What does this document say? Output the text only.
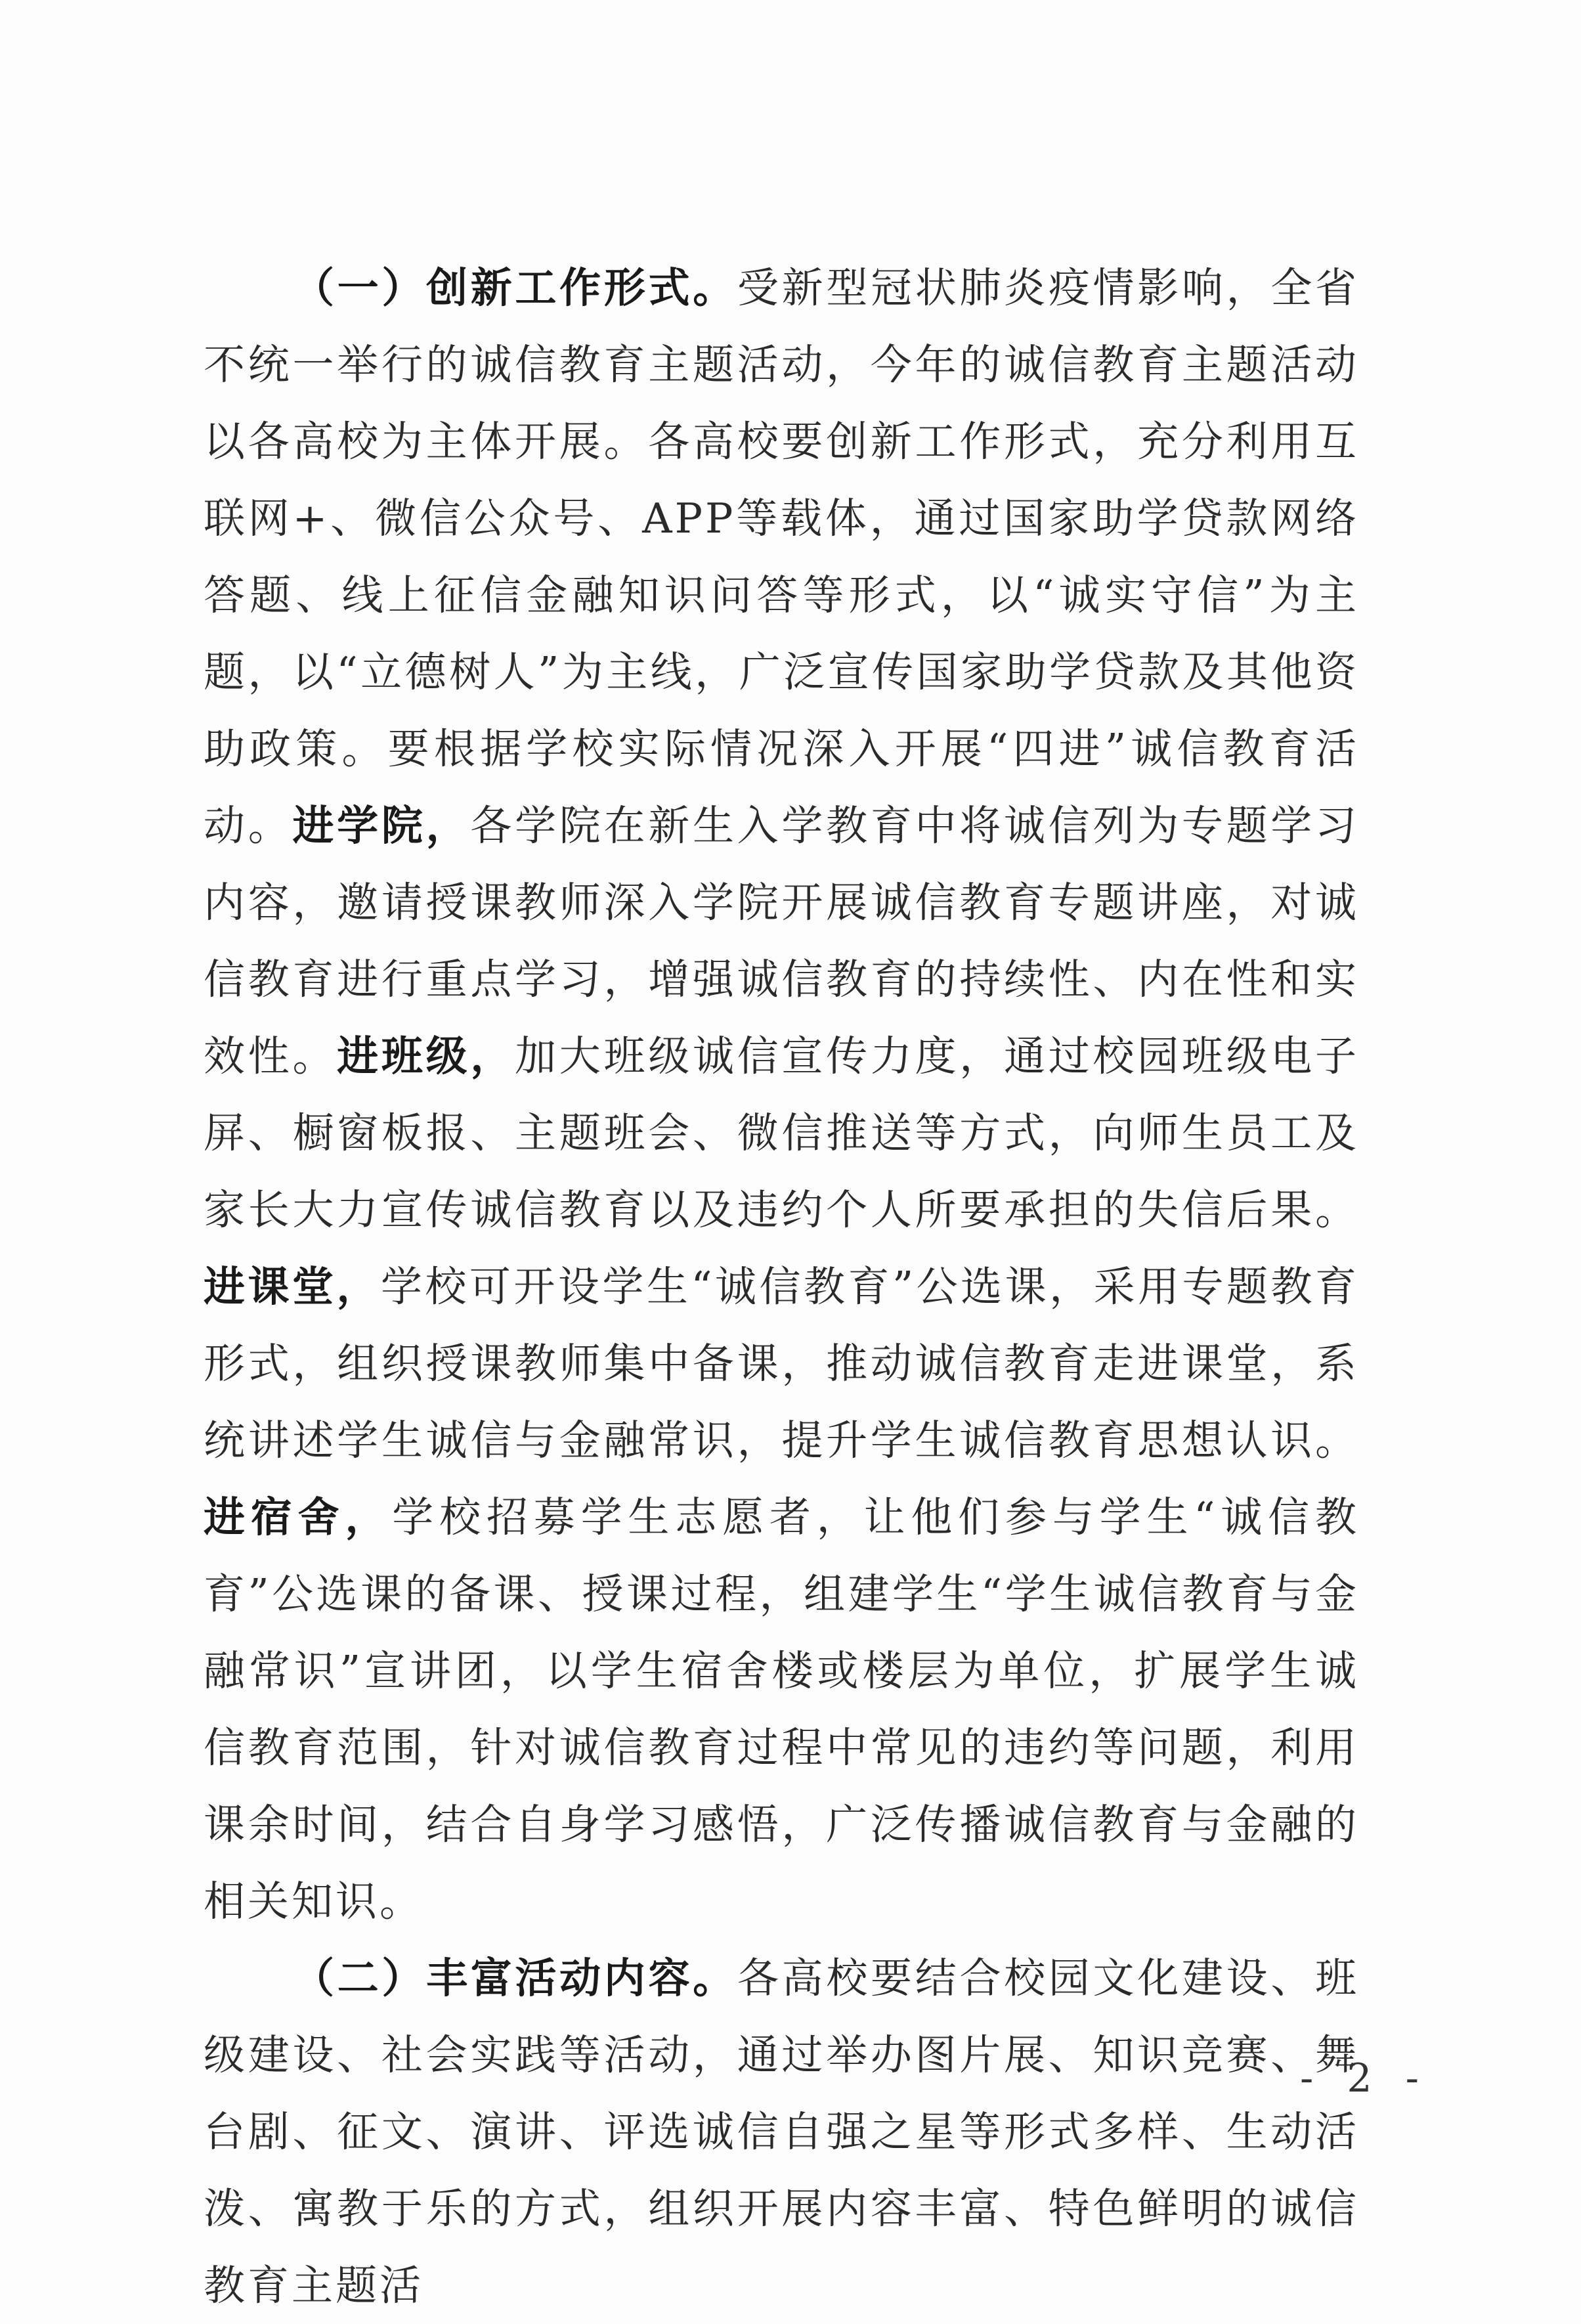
（一）创新工作形式。受新型冠状肺炎疫情影响，全省不统一举行的诚信教育主题活动，今年的诚信教育主题活动以各高校为主体开展。各高校要创新工作形式，充分利用互联网+、微信公众号、APP等载体，通过国家助学贷款网络答题、线上征信金融知识问答等形式，以“诚实守信”为主题，以“立德树人”为主线，广泛宣传国家助学贷款及其他资助政策。要根据学校实际情况深入开展“四进”诚信教育活动。进学院，各学院在新生入学教育中将诚信列为专题学习内容，邀请授课教师深入学院开展诚信教育专题讲座，对诚信教育进行重点学习，增强诚信教育的持续性、内在性和实效性。进班级，加大班级诚信宣传力度，通过校园班级电子屏、橱窗板报、主题班会、微信推送等方式，向师生员工及家长大力宣传诚信教育以及违约个人所要承担的失信后果。进课堂，学校可开设学生“诚信教育”公选课，采用专题教育形式，组织授课教师集中备课，推动诚信教育走进课堂，系统讲述学生诚信与金融常识，提升学生诚信教育思想认识。进宿舍，学校招募学生志愿者，让他们参与学生“诚信教育”公选课的备课、授课过程，组建学生“学生诚信教育与金融常识”宣讲团，以学生宿舍楼或楼层为单位，扩展学生诚信教育范围，针对诚信教育过程中常见的违约等问题，利用课余时间，结合自身学习感悟，广泛传播诚信教育与金融的相关知识。

（二）丰富活动内容。各高校要结合校园文化建设、班级建设、社会实践等活动，通过举办图片展、知识竞赛、舞台剧、征文、演讲、评选诚信自强之星等形式多样、生动活泼、寓教于乐的方式，组织开展内容丰富、特色鲜明的诚信教育主题活

- 2 -
